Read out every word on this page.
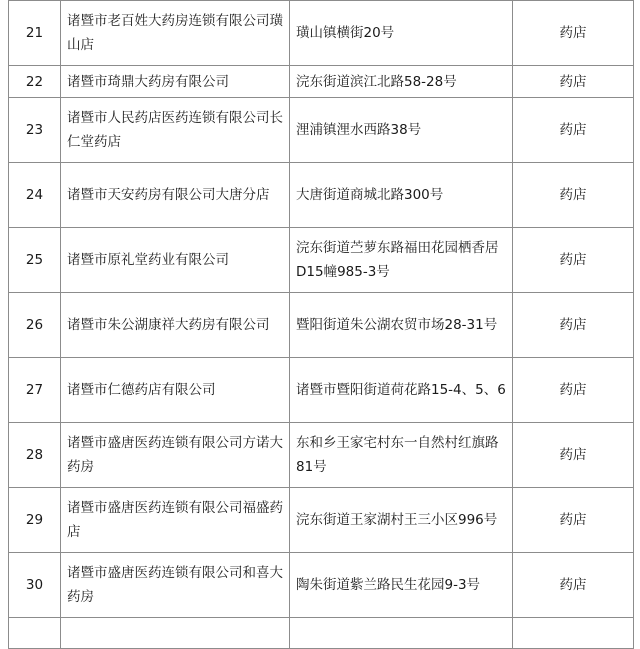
21	诸暨市老百姓大药房连锁有限公司璜山店	璜山镇横街20号	药店
22	诸暨市琦鼎大药房有限公司	浣东街道滨江北路58-28号	药店
23	诸暨市人民药店医药连锁有限公司长仁堂药店	浬浦镇浬水西路38号	药店
24	诸暨市天安药房有限公司大唐分店	大唐街道商城北路300号	药店
25	诸暨市原礼堂药业有限公司	浣东街道苎萝东路福田花园栖香居D15幢985-3号	药店
26	诸暨市朱公湖康祥大药房有限公司	暨阳街道朱公湖农贸市场28-31号	药店
27	诸暨市仁德药店有限公司	诸暨市暨阳街道荷花路15-4、5、6	药店
28	诸暨市盛唐医药连锁有限公司方诺大药房	东和乡王家宅村东一自然村红旗路81号	药店
29	诸暨市盛唐医药连锁有限公司福盛药店	浣东街道王家湖村王三小区996号	药店
30	诸暨市盛唐医药连锁有限公司和喜大药房	陶朱街道紫兰路民生花园9-3号	药店
